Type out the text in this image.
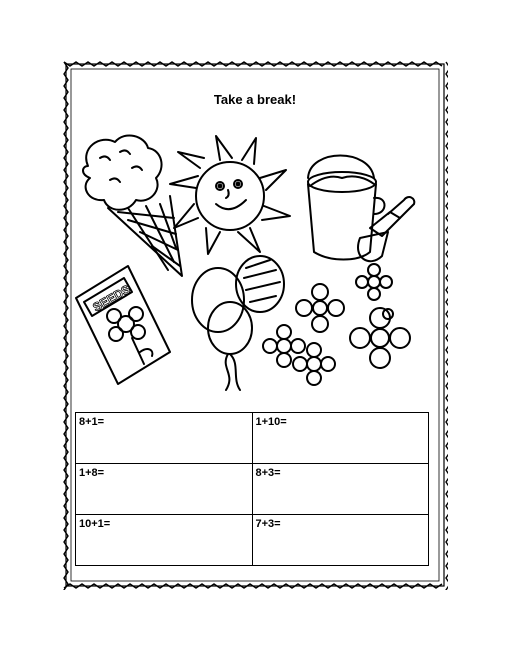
Take a break!
SEEDS
8+1=	1+10=
1+8=	8+3=
10+1=	7+3=
